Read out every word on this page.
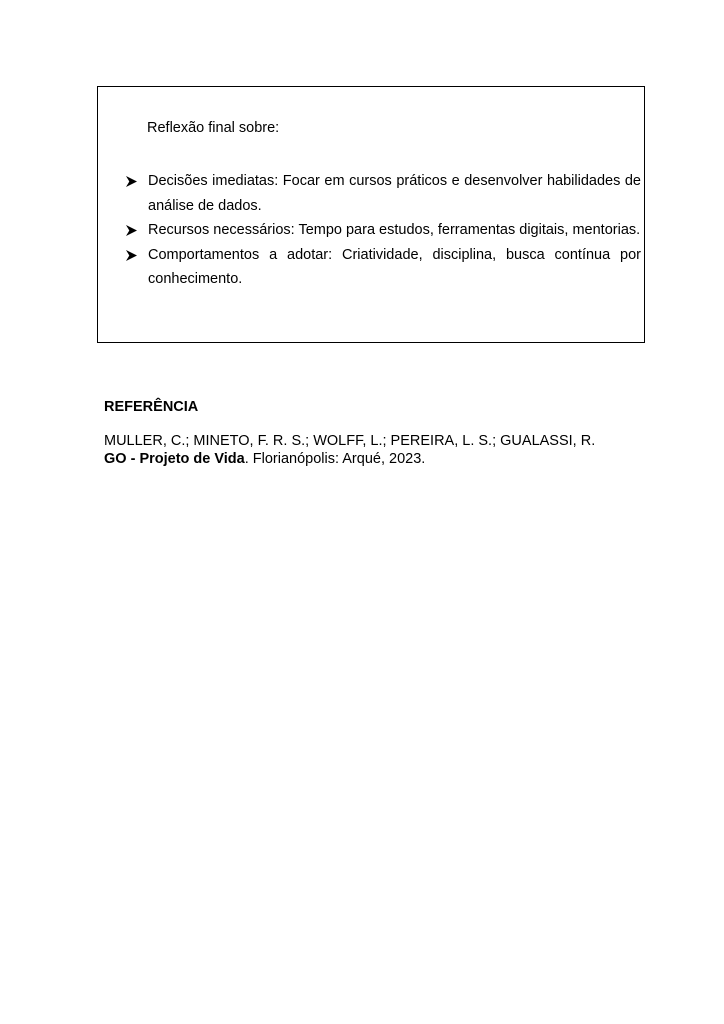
Reflexão final sobre:
Decisões imediatas: Focar em cursos práticos e desenvolver habilidades de análise de dados.
Recursos necessários: Tempo para estudos, ferramentas digitais, mentorias.
Comportamentos a adotar: Criatividade, disciplina, busca contínua por conhecimento.
REFERÊNCIA
MULLER, C.; MINETO, F. R. S.; WOLFF, L.; PEREIRA, L. S.; GUALASSI, R.
GO - Projeto de Vida. Florianópolis: Arqué, 2023.
